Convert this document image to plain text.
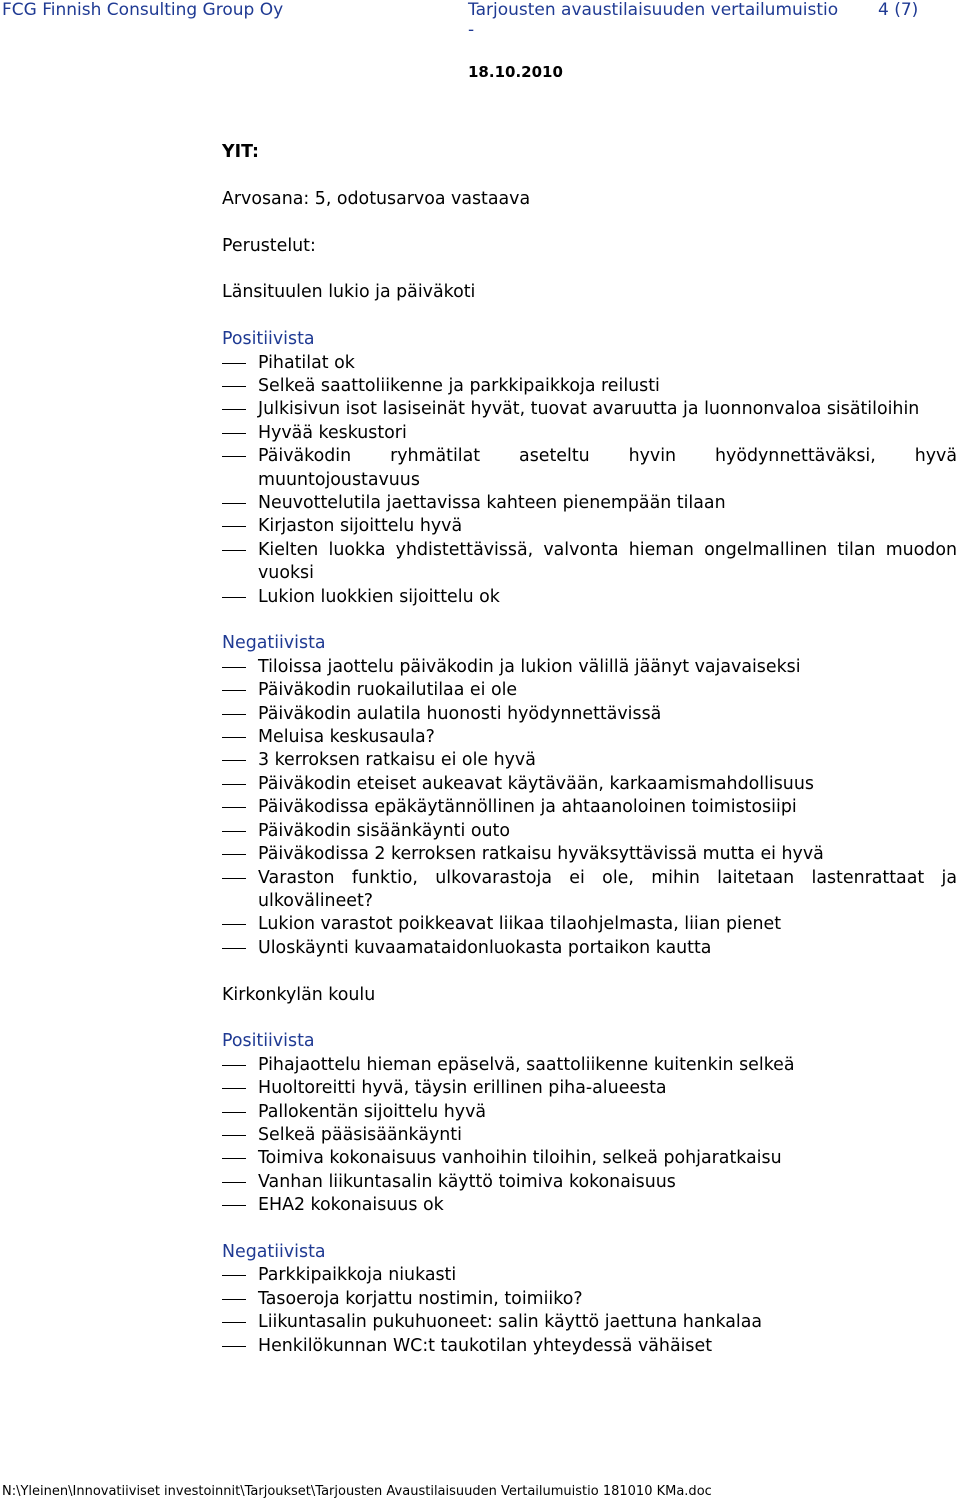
FCG Finnish Consulting Group Oy	Tarjousten avaustilaisuuden vertailumuistio 4 (7)
-
18.10.2010

YIT:

Arvosana: 5, odotusarvoa vastaava

Perustelut:

Länsituulen lukio ja päiväkoti

Positiivista

Pihatilat ok
Selkeä saattoliikenne ja parkkipaikkoja reilusti
Julkisivun isot lasiseinät hyvät, tuovat avaruutta ja luonnonvaloa sisätiloihin
Hyvää keskustori
Päiväkodin ryhmätilat aseteltu hyvin hyödynnettäväksi, hyvä muuntojoustavuus
Neuvottelutila jaettavissa kahteen pienempään tilaan
Kirjaston sijoittelu hyvä
Kielten luokka yhdistettävissä, valvonta hieman ongelmallinen tilan muodon vuoksi
Lukion luokkien sijoittelu ok

Negatiivista

Tiloissa jaottelu päiväkodin ja lukion välillä jäänyt vajavaiseksi
Päiväkodin ruokailutilaa ei ole
Päiväkodin aulatila huonosti hyödynnettävissä
Meluisa keskusaula?
3 kerroksen ratkaisu ei ole hyvä
Päiväkodin eteiset aukeavat käytävään, karkaamismahdollisuus
Päiväkodissa epäkäytännöllinen ja ahtaanoloinen toimistosiipi
Päiväkodin sisäänkäynti outo
Päiväkodissa 2 kerroksen ratkaisu hyväksyttävissä mutta ei hyvä
Varaston funktio, ulkovarastoja ei ole, mihin laitetaan lastenrattaat ja ulkovälineet?
Lukion varastot poikkeavat liikaa tilaohjelmasta, liian pienet
Uloskäynti kuvaamataidonluokasta portaikon kautta

Kirkonkylän koulu

Positiivista

Pihajaottelu hieman epäselvä, saattoliikenne kuitenkin selkeä
Huoltoreitti hyvä, täysin erillinen piha-alueesta
Pallokentän sijoittelu hyvä
Selkeä pääsisäänkäynti
Toimiva kokonaisuus vanhoihin tiloihin, selkeä pohjaratkaisu
Vanhan liikuntasalin käyttö toimiva kokonaisuus
EHA2 kokonaisuus ok

Negatiivista

Parkkipaikkoja niukasti
Tasoeroja korjattu nostimin, toimiiko?
Liikuntasalin pukuhuoneet: salin käyttö jaettuna hankalaa
Henkilökunnan WC:t taukotilan yhteydessä vähäiset
N:\Yleinen\Innovatiiviset investoinnit\Tarjoukset\Tarjousten Avaustilaisuuden Vertailumuistio 181010 KMa.doc
